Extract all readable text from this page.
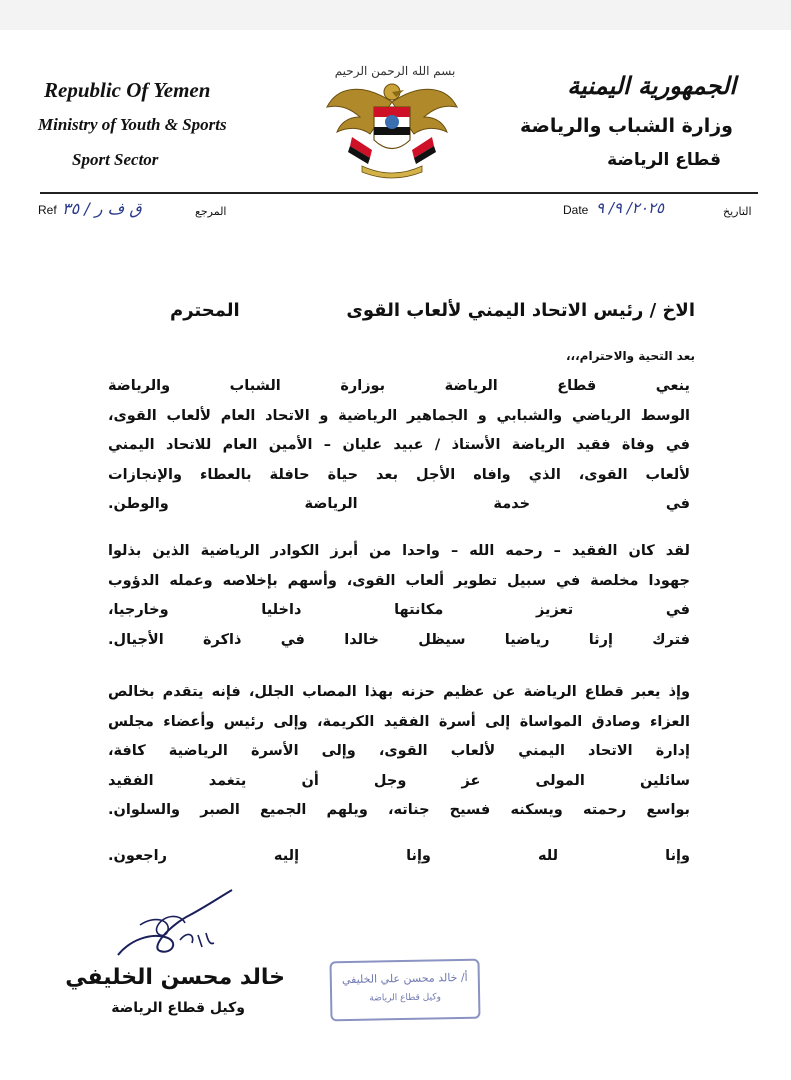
Republic Of Yemen
Ministry of Youth & Sports
Sport Sector
بسم الله الرحمن الرحيم
الجمهورية اليمنية
وزارة الشباب والرياضة
قطاع الرياضة
Ref ق ف ر / ٣٥	المرجع	Date ٢٠٢٥/ ٩/ ٩	التاريخ
الاخ / رئيس الاتحاد اليمني لألعاب القوى
المحترم
بعد التحية والاحترام،،،
ينعي قطاع الرياضة بوزارة الشباب والرياضة
الوسط الرياضي والشبابي و الجماهير الرياضية و الاتحاد العام لألعاب القوى،
في وفاة فقيد الرياضة الأستاذ / عبيد عليان – الأمين العام للاتحاد اليمني
لألعاب القوى، الذي وافاه الأجل بعد حياة حافلة بالعطاء والإنجازات
في خدمة الرياضة والوطن.
لقد كان الفقيد – رحمه الله – واحدا من أبرز الكوادر الرياضية الذين بذلوا
جهودا مخلصة في سبيل تطوير ألعاب القوى، وأسهم بإخلاصه وعمله الدؤوب
في تعزيز مكانتها داخليا وخارجيا،
فترك إرثا رياضيا سيظل خالدا في ذاكرة الأجيال.
وإذ يعبر قطاع الرياضة عن عظيم حزنه بهذا المصاب الجلل، فإنه يتقدم بخالص
العزاء وصادق المواساة إلى أسرة الفقيد الكريمة، وإلى رئيس وأعضاء مجلس
إدارة الاتحاد اليمني لألعاب القوى، وإلى الأسرة الرياضية كافة،
سائلين المولى عز وجل أن يتغمد الفقيد
بواسع رحمته ويسكنه فسيح جناته، ويلهم الجميع الصبر والسلوان.
وإنا لله وإنا إليه راجعون.
خالد محسن الخليفي
وكيل قطاع الرياضة
أ/ خالد محسن علي الخليفي
وكيل قطاع الرياضة
